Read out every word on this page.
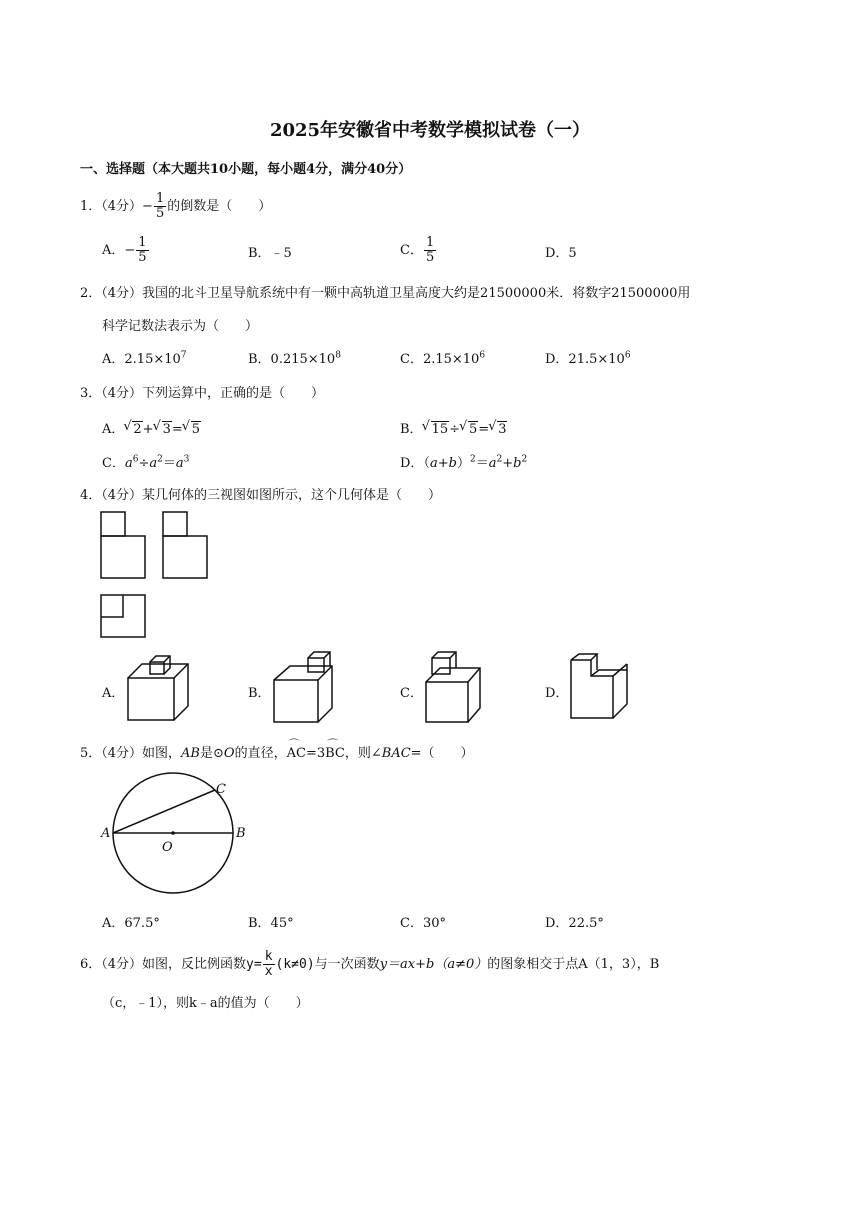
2025年安徽省中考数学模拟试卷（一）
一、选择题（本大题共10小题，每小题4分，满分40分）
1．（4分）− $\frac{1}{5}$ 的倒数是（　　）
A．− $\frac{1}{5}$	B．﹣5	C． $\frac{1}{5}$	D．5
2．（4分）我国的北斗卫星导航系统中有一颗中高轨道卫星高度大约是21500000米．将数字21500000用
科学记数法表示为（　　）
A．$2.15\times 10^7$	B．$0.215\times 10^8$	C．$2.15\times 10^6$	D．$21.5\times 10^6$
3．（4分）下列运算中，正确的是（　　）
A． √ 2+ √ 3= √ 5	B． √ 15÷ √ 5= √ 3
C．$a^6\div a^2=a^3$	D．$(a+b)^2=a^2+b^2$
4．（4分）某几何体的三视图如图所示，这个几何体是（　　）
A．	B．	C．	D．
5．（4分）如图，AB是⊙O的直径，⌒ AC=3⌒ BC，则∠BAC=（　　）
A	B
C
O
A．67.5°	B．45°	C．30°	D．22.5°
6．（4分）如图，反比例函数$y= \frac{k}{x} (k\ne 0)$与一次函数y＝ax+b（a≠0）的图象相交于点A（1，3），B
（c，﹣1），则k﹣a的值为（　　）
